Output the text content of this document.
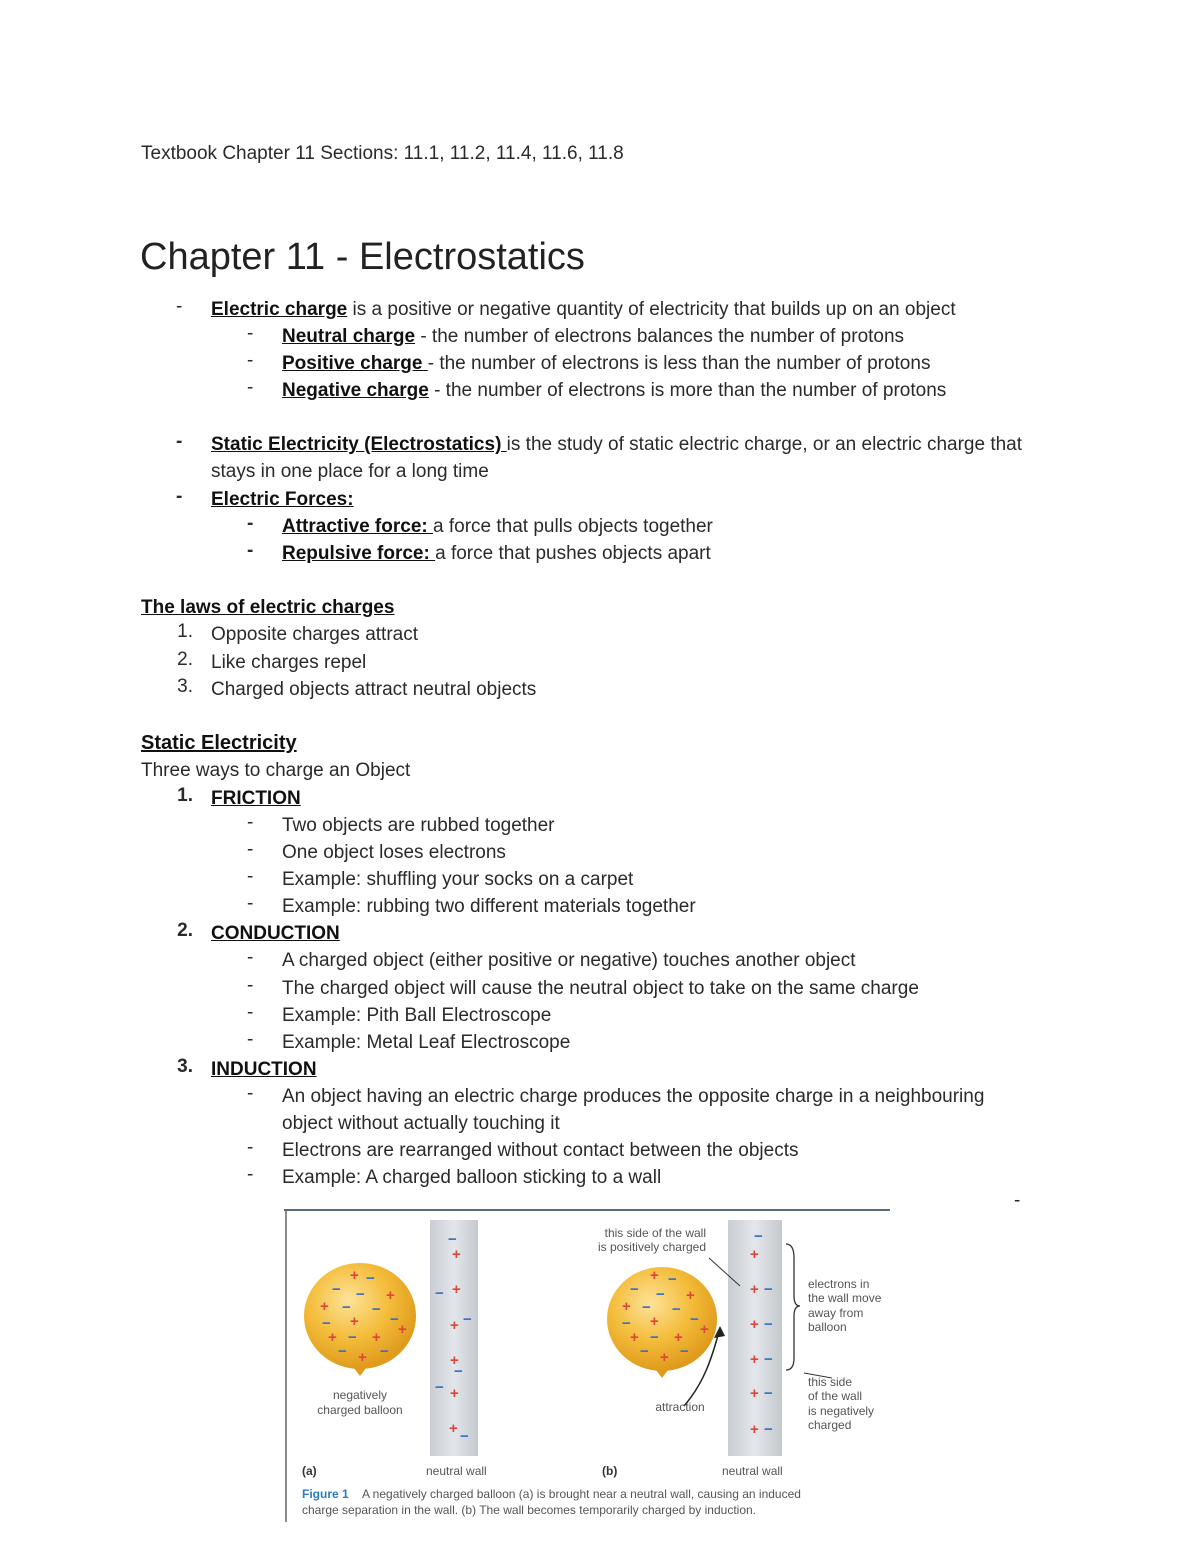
Textbook Chapter 11 Sections: 11.1, 11.2, 11.4, 11.6, 11.8
Chapter 11 - Electrostatics
- Electric charge is a positive or negative quantity of electricity that builds up on an object
- Neutral charge - the number of electrons balances the number of protons
- Positive charge - the number of electrons is less than the number of protons
- Negative charge - the number of electrons is more than the number of protons
- Static Electricity (Electrostatics) is the study of static electric charge, or an electric charge that
stays in one place for a long time
- Electric Forces:
- Attractive force: a force that pulls objects together
- Repulsive force: a force that pushes objects apart
The laws of electric charges
1. Opposite charges attract
2. Like charges repel
3. Charged objects attract neutral objects
Static Electricity
Three ways to charge an Object
1. FRICTION
- Two objects are rubbed together
- One object loses electrons
- Example: shuffling your socks on a carpet
- Example: rubbing two different materials together
2. CONDUCTION
- A charged object (either positive or negative) touches another object
- The charged object will cause the neutral object to take on the same charge
- Example: Pith Ball Electroscope
- Example: Metal Leaf Electroscope
3. INDUCTION
- An object having an electric charge produces the opposite charge in a neighbouring
object without actually touching it
- Electrons are rearranged without contact between the objects
- Example: A charged balloon sticking to a wall
-
−
+
− +
+ −
+
−
− +
+ −
+ −
− − +
+ − −
− + −
+ − + +
− + −
negatively
charged balloon
−
+
+ −
+ −
+ −
+ −
+ −
+ −
− − +
+ − −
− + −
+ − + +
− + −
this side of the wall
is positively charged
attraction
electrons in
the wall move
away from
balloon
this side
of the wall
is negatively
charged
(a)	neutral wall	(b)	neutral wall
Figure 1 A negatively charged balloon (a) is brought near a neutral wall, causing an induced
charge separation in the wall. (b) The wall becomes temporarily charged by induction.
